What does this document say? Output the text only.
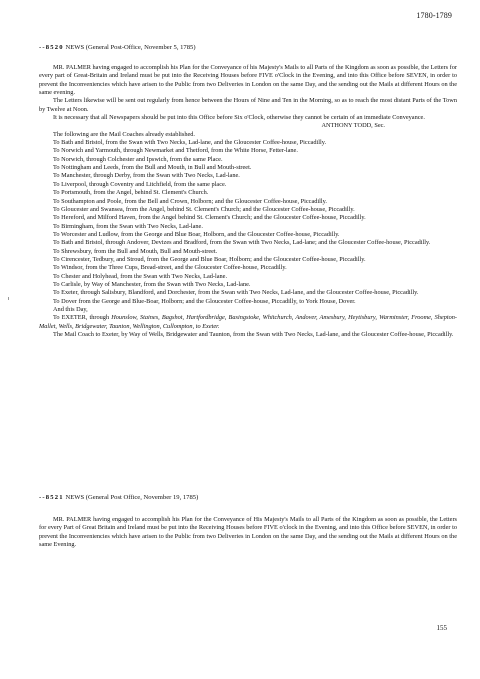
1780-1789
--8520 NEWS (General Post-Office, November 5, 1785)

MR. PALMER having engaged to accomplish his Plan for the Conveyance of his Majesty's Mails to all Parts of the Kingdom as soon as possible, the Letters for every part of Great-Britain and Ireland must be put into the Receiving Houses before FIVE o'Clock in the Evening, and into this Office before SEVEN, in order to prevent the Inconveniencies which have arisen to the Public from two Deliveries in London on the same Day, and the sending out the Mails at different Hours on the same evening.

The Letters likewise will be sent out regularly from hence between the Hours of Nine and Ten in the Morning, so as to reach the most distant Parts of the Town by Twelve at Noon.

It is necessary that all Newspapers should be put into this Office before Six o'Clock, otherwise they cannot be certain of an immediate Conveyance.

ANTHONY TODD, Sec.

The following are the Mail Coaches already established.

To Bath and Bristol, from the Swan with Two Necks, Lad-lane, and the Gloucester Coffee-house, Piccadilly.
To Norwich and Yarmouth, through Newmarket and Thetford, from the White Horse, Fetter-lane.
To Norwich, through Colchester and Ipswich, from the same Place.
To Nottingham and Leeds, from the Bull and Mouth, in Bull and Mouth-street.
To Manchester, through Derby, from the Swan with Two Necks, Lad-lane.
To Liverpool, through Coventry and Litchfield, from the same place.
To Portsmouth, from the Angel, behind St. Clement's Church.
To Southampton and Poole, from the Bell and Crown, Holborn; and the Gloucester Coffee-house, Piccadilly.
To Gloucester and Swansea, from the Angel, behind St. Clement's Church; and the Gloucester Coffee-house, Piccadilly.
To Hereford, and Milford Haven, from the Angel behind St. Clement's Church; and the Gloucester Coffee-house, Piccadilly.
To Birmingham, from the Swan with Two Necks, Lad-lane.
To Worcester and Ludlow, from the George and Blue Boar, Holborn, and the Gloucester Coffee-house, Piccadilly.
To Bath and Bristol, through Andover, Devizes and Bradford, from the Swan with Two Necks, Lad-lane; and the Gloucester Coffee-house, Piccadilly.
To Shrewsbury, from the Bull and Mouth, Bull and Mouth-street.
To Cirencester, Tedbury, and Stroud, from the George and Blue Boar, Holborn; and the Gloucester Coffee-house, Piccadilly.
To Windsor, from the Three Cups, Bread-street, and the Gloucester Coffee-house, Piccadilly.
To Chester and Holyhead, from the Swan with Two Necks, Lad-lane.
To Carlisle, by Way of Manchester, from the Swan with Two Necks, Lad-lane.
To Exeter, through Salisbury, Blandford, and Dorchester, from the Swan with Two Necks, Lad-lane, and the Gloucester Coffee-house, Piccadilly.
To Dover from the George and Blue-Boar, Holborn; and the Gloucester Coffee-house, Piccadilly, to York House, Dover.

And this Day,

To EXETER, through Hounslow, Staines, Bagshot, Hartfordbridge, Basingstoke, Whitchurch, Andover, Amesbury, Heytisbury, Warminster, Froome, Shepton-Mallet, Wells, Bridgewater, Taunton, Wellington, Cullompton, to Exeter.

The Mail Coach to Exeter, by Way of Wells, Bridgewater and Taunton, from the Swan with Two Necks, Lad-lane, and the Gloucester Coffee-house, Piccadilly.

--8521 NEWS (General Post Office, November 19, 1785)

MR. PALMER having engaged to accomplish his Plan for the Conveyance of His Majesty's Mails to all Parts of the Kingdom as soon as possible, the Letters for every Part of Great Britain and Ireland must be put into the Receiving Houses before FIVE o'clock in the Evening, and into this Office before SEVEN, in order to prevent the Inconveniencies which have arisen to the Public from two Deliveries in London on the same Day, and the sending out the Mails at different Hours on the same Evening.

155
